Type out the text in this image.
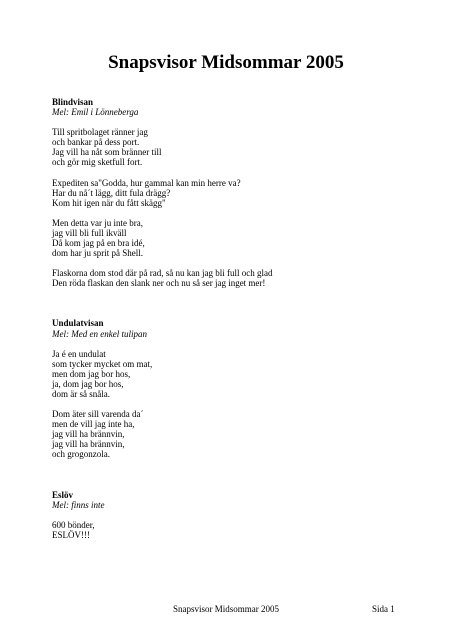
Snapsvisor Midsommar 2005
Blindvisan
Mel: Emil i Lönneberga
Till spritbolaget ränner jag
och bankar på dess port.
Jag vill ha nåt som bränner till
och gör mig sketfull fort.
Expediten sa"Godda, hur gammal kan min herre va?
Har du nå´t lägg, ditt fula drägg?
Kom hit igen när du fått skägg"
Men detta var ju inte bra,
jag vill bli full ikväll
Då kom jag på en bra idé,
dom har ju sprit på Shell.
Flaskorna dom stod där på rad, så nu kan jag bli full och glad
Den röda flaskan den slank ner och nu så ser jag inget mer!
Undulatvisan
Mel: Med en enkel tulipan
Ja é en undulat
som tycker mycket om mat,
men dom jag bor hos,
ja, dom jag bor hos,
dom är så snåla.
Dom äter sill varenda da´
men de vill jag inte ha,
jag vill ha brännvin,
jag vill ha brännvin,
och grogonzola.
Eslöv
Mel: finns inte
600 bönder,
ESLÖV!!!
Snapsvisor Midsommar 2005	Sida 1
